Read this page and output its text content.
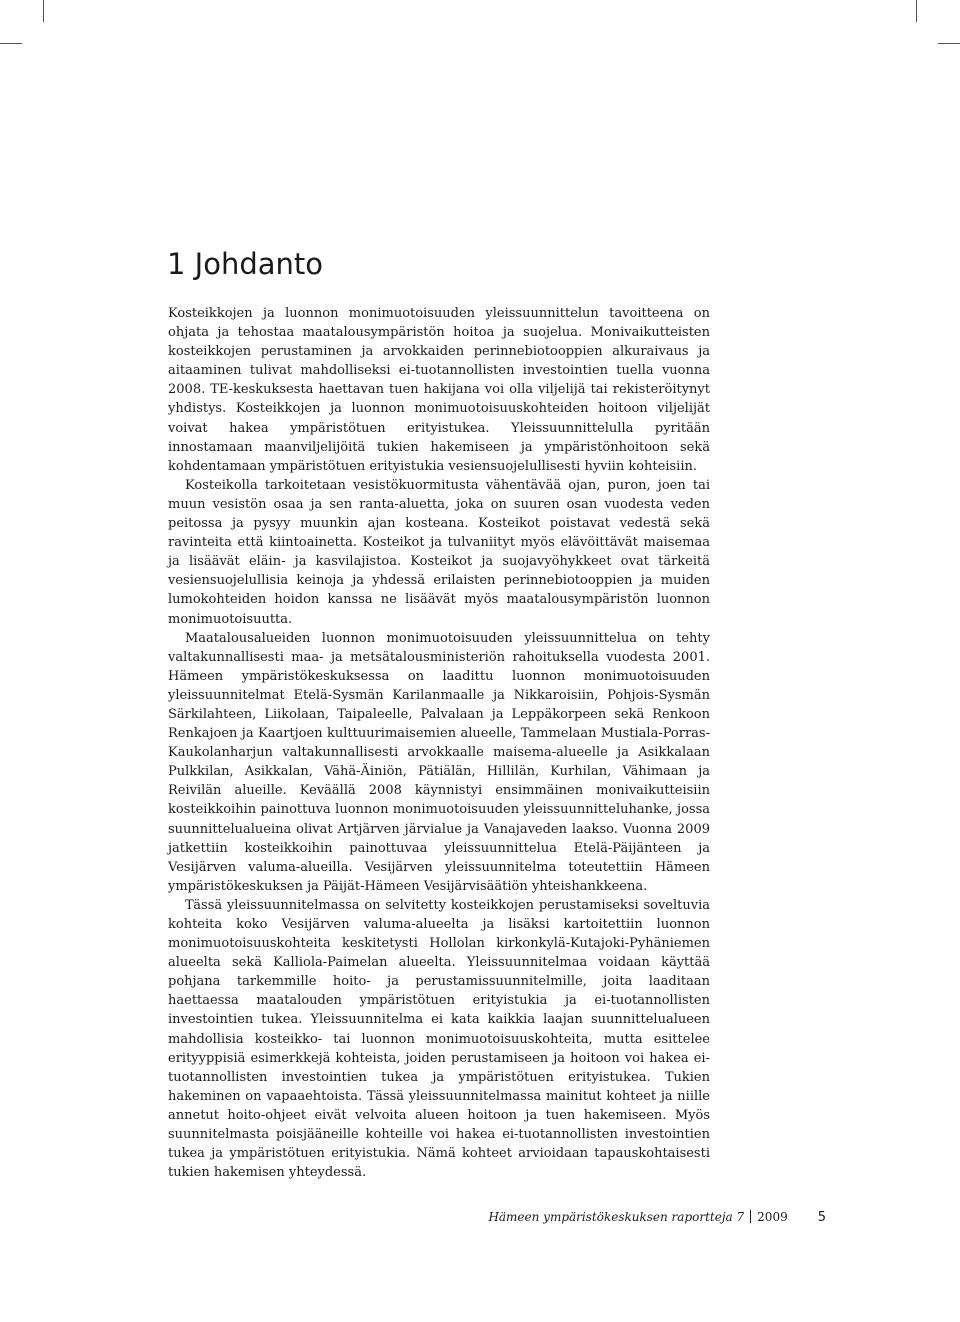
1 Johdanto

Kosteikkojen ja luonnon monimuotoisuuden yleissuunnittelun tavoitteena on ohjata ja tehostaa maatalousympäristön hoitoa ja suojelua. Monivaikutteisten kosteikkojen perustaminen ja arvokkaiden perinnebiotooppien alkuraivaus ja aitaaminen tulivat mahdolliseksi ei-tuotannollisten investointien tuella vuonna 2008. TE-keskuksesta haettavan tuen hakijana voi olla viljelijä tai rekisteröitynyt yhdistys. Kosteikkojen ja luonnon monimuotoisuuskohteiden hoitoon viljelijät voivat hakea ympäristötuen erityistukea. Yleissuunnittelulla pyritään innostamaan maanviljelijöitä tukien hakemiseen ja ympäristönhoitoon sekä kohdentamaan ympäristötuen erityistukia vesiensuojelullisesti hyviin kohteisiin.

Kosteikolla tarkoitetaan vesistökuormitusta vähentävää ojan, puron, joen tai muun vesistön osaa ja sen ranta-aluetta, joka on suuren osan vuodesta veden peitossa ja pysyy muunkin ajan kosteana. Kosteikot poistavat vedestä sekä ravinteita että kiintoainetta. Kosteikot ja tulvaniityt myös elävöittävät maisemaa ja lisäävät eläin- ja kasvilajistoa. Kosteikot ja suojavyöhykkeet ovat tärkeitä vesiensuojelullisia keinoja ja yhdessä erilaisten perinnebiotooppien ja muiden lumokohteiden hoidon kanssa ne lisäävät myös maatalousympäristön luonnon monimuotoisuutta.

Maatalousalueiden luonnon monimuotoisuuden yleissuunnittelua on tehty valtakunnallisesti maa- ja metsätalousministeriön rahoituksella vuodesta 2001. Hämeen ympäristökeskuksessa on laadittu luonnon monimuotoisuuden yleissuunnitelmat Etelä-Sysmän Karilanmaalle ja Nikkaroisiin, Pohjois-Sysmän Särkilahteen, Liikolaan, Taipaleelle, Palvalaan ja Leppäkorpeen sekä Renkoon Renkajoen ja Kaartjoen kulttuurimaisemien alueelle, Tammelaan Mustiala-Porras-Kaukolanharjun valtakunnallisesti arvokkaalle maisema-alueelle ja Asikkalaan Pulkkilan, Asikkalan, Vähä-Äiniön, Pätiälän, Hillilän, Kurhilan, Vähimaan ja Reivilän alueille. Keväällä 2008 käynnistyi ensimmäinen monivaikutteisiin kosteikkoihin painottuva luonnon monimuotoisuuden yleissuunnitteluhanke, jossa suunnittelualueina olivat Artjärven järvialue ja Vanajaveden laakso. Vuonna 2009 jatkettiin kosteikkoihin painottuvaa yleissuunnittelua Etelä-Päijänteen ja Vesijärven valuma-alueilla. Vesijärven yleissuunnitelma toteutettiin Hämeen ympäristökeskuksen ja Päijät-Hämeen Vesijärvisäätiön yhteishankkeena.

Tässä yleissuunnitelmassa on selvitetty kosteikkojen perustamiseksi soveltuvia kohteita koko Vesijärven valuma-alueelta ja lisäksi kartoitettiin luonnon monimuotoisuuskohteita keskitetysti Hollolan kirkonkylä-Kutajoki-Pyhäniemen alueelta sekä Kalliola-Paimelan alueelta. Yleissuunnitelmaa voidaan käyttää pohjana tarkemmille hoito- ja perustamissuunnitelmille, joita laaditaan haettaessa maatalouden ympäristötuen erityistukia ja ei-tuotannollisten investointien tukea. Yleissuunnitelma ei kata kaikkia laajan suunnittelualueen mahdollisia kosteikko- tai luonnon monimuotoisuuskohteita, mutta esittelee erityyppisiä esimerkkejä kohteista, joiden perustamiseen ja hoitoon voi hakea ei-tuotannollisten investointien tukea ja ympäristötuen erityistukea. Tukien hakeminen on vapaaehtoista. Tässä yleissuunnitelmassa mainitut kohteet ja niille annetut hoito-ohjeet eivät velvoita alueen hoitoon ja tuen hakemiseen. Myös suunnitelmasta poisjääneille kohteille voi hakea ei-tuotannollisten investointien tukea ja ympäristötuen erityistukia. Nämä kohteet arvioidaan tapauskohtaisesti tukien hakemisen yhteydessä.

Hämeen ympäristökeskuksen raportteja 7 2009 5
